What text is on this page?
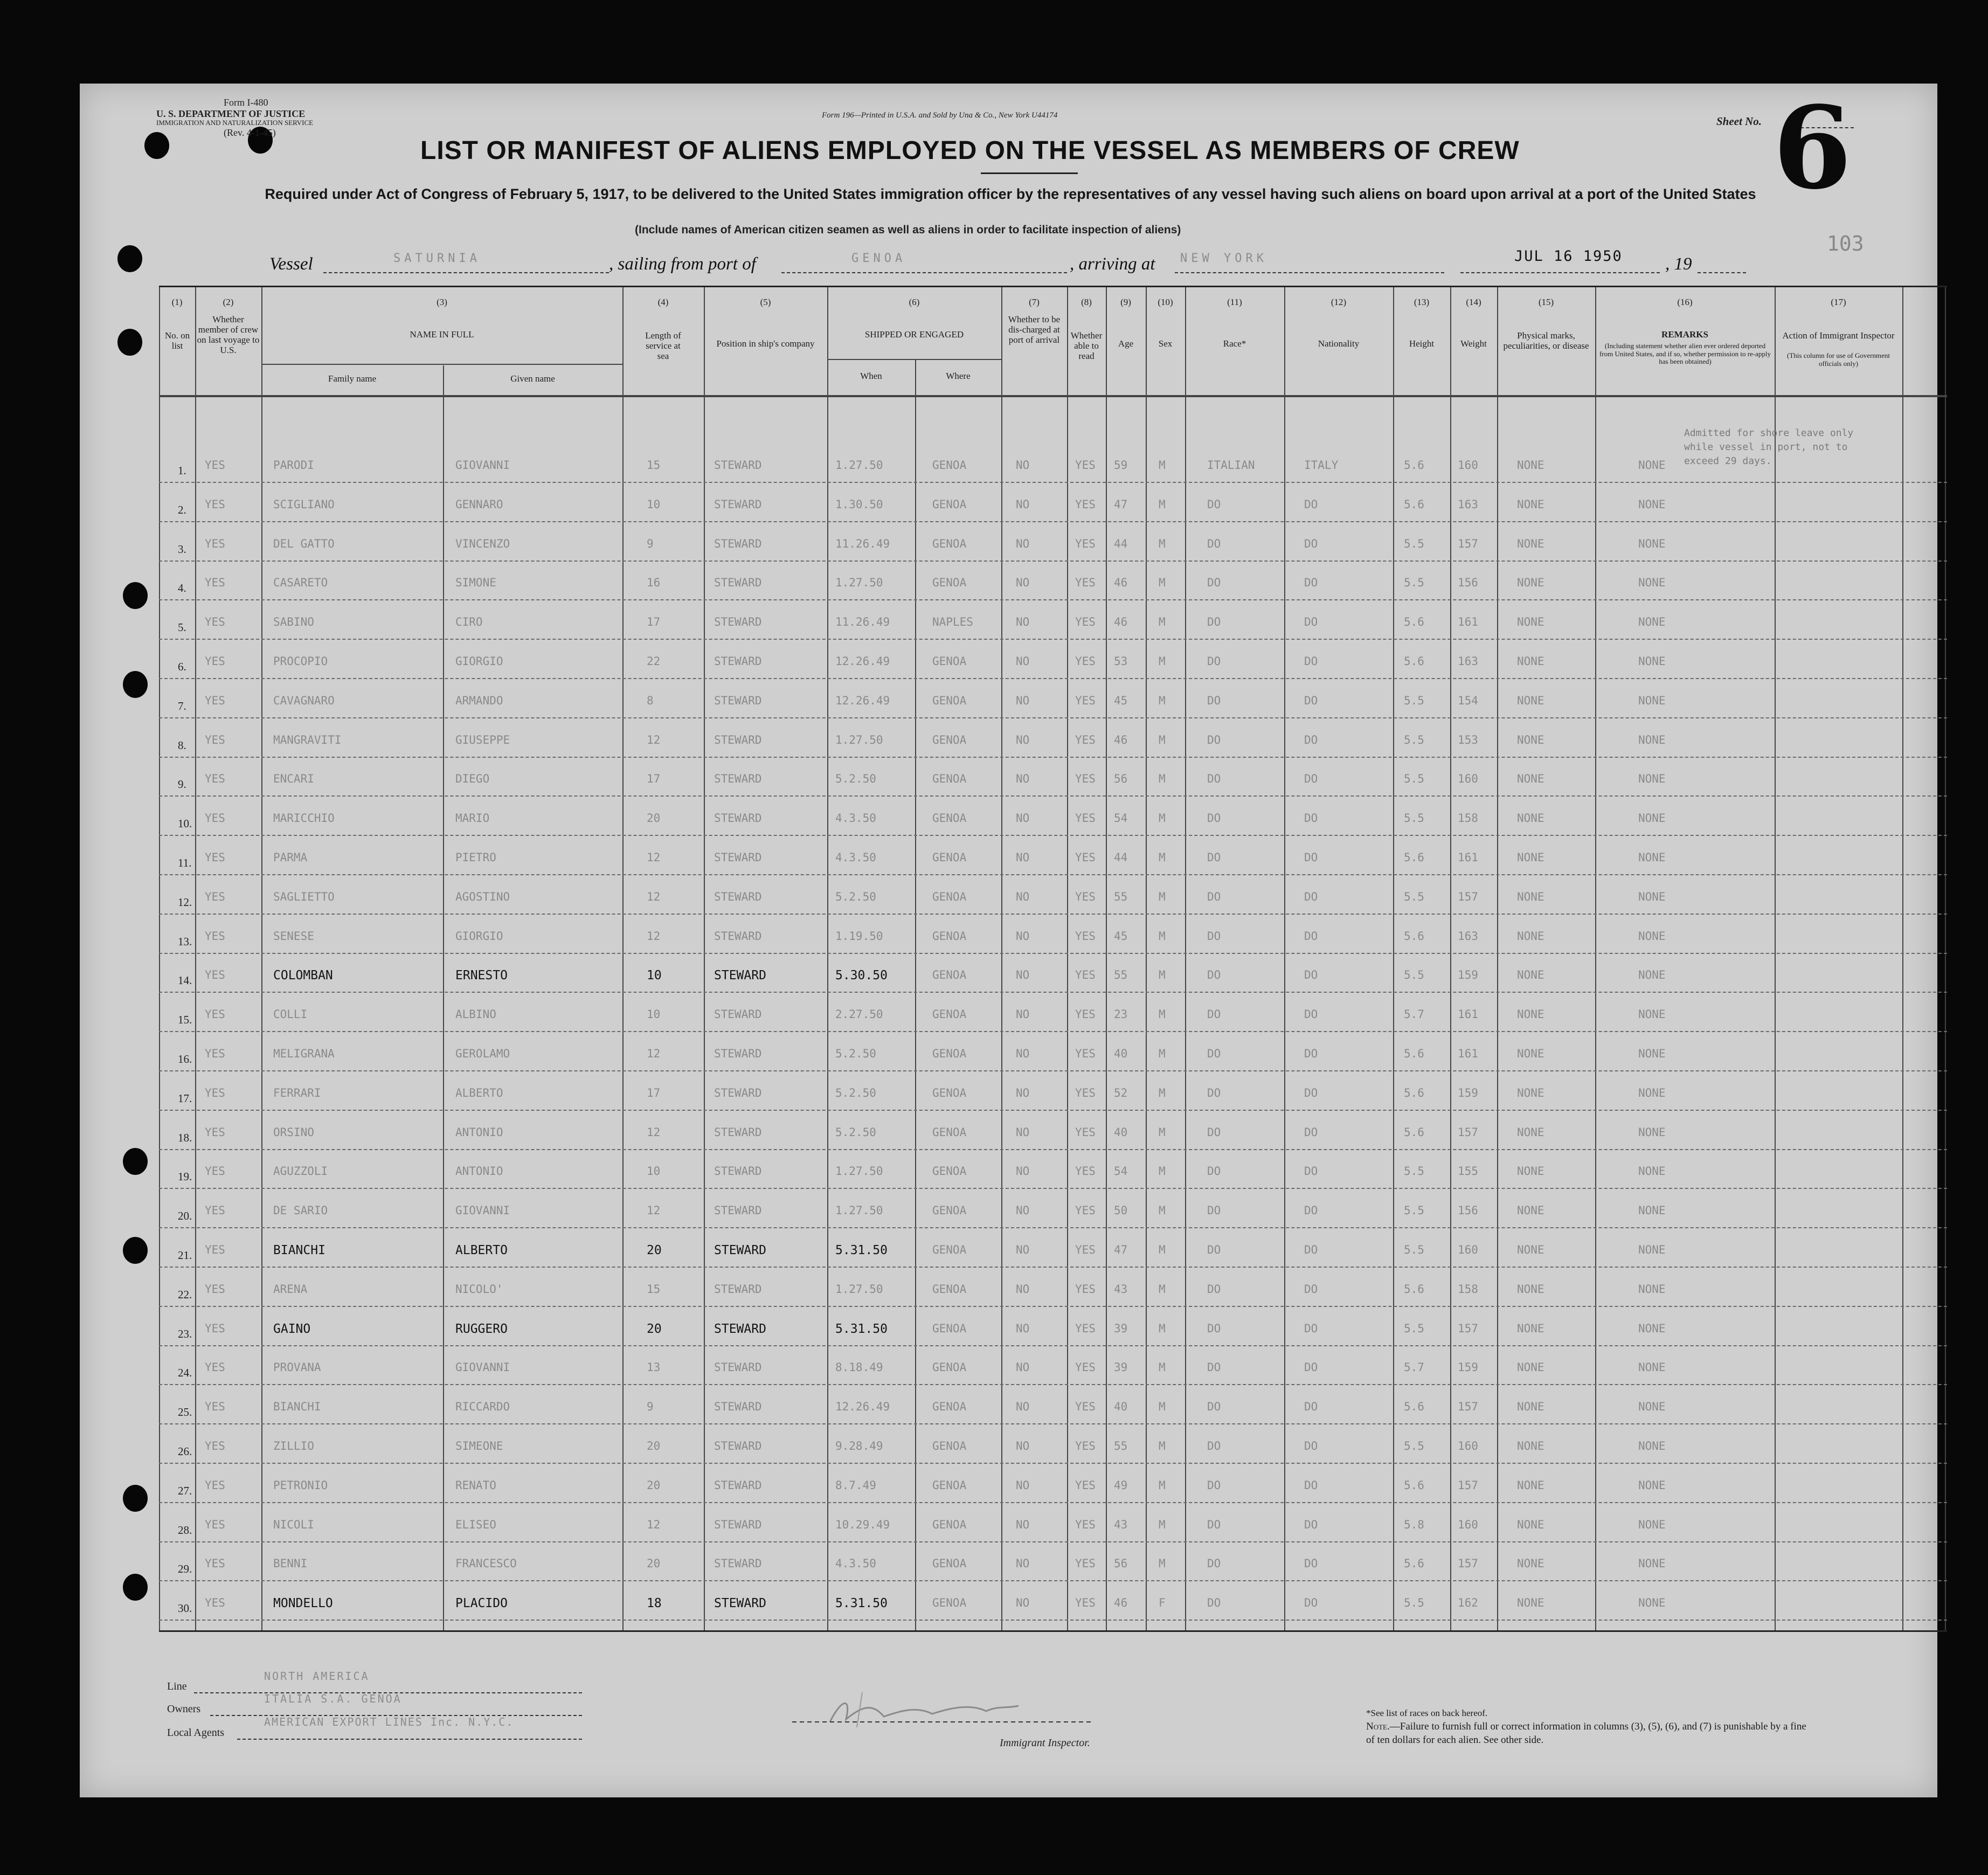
Form I-480
U. S. DEPARTMENT OF JUSTICE
IMMIGRATION AND NATURALIZATION SERVICE
(Rev. 4-1-45)
Form 196—Printed in U.S.A. and Sold by Una & Co., New York U44174	Sheet No. 6
103
LIST OR MANIFEST OF ALIENS EMPLOYED ON THE VESSEL AS MEMBERS OF CREW
Required under Act of Congress of February 5, 1917, to be delivered to the United States immigration officer by the representatives of any vessel having such aliens on board upon arrival at a port of the United States
(Include names of American citizen seamen as well as aliens in order to facilitate inspection of aliens)
Vessel	SATURNIA	, sailing from port of	GENOA	, arriving at NEW YORK	JUL 16 1950 , 19
(1)
No. on list
(2)
Whether member of crew on last voyage to U.S.
(3)
NAME IN FULL
Family name	Given name
(4)
Length of service at sea
(5)
Position in ship's company
(6)
SHIPPED OR ENGAGED
When	Where
(7)
Whether to be dis-charged at port of arrival
(8)
Whether able to read
(9)
Age
(10)
Sex
(11)
Race*
(12)
Nationality
(13)
Height
(14)
Weight
(15)
Physical marks, peculiarities, or disease
(16)
REMARKS
(Including statement whether alien ever ordered deported from United States, and if so, whether permission to re-apply has been obtained)
(17)
Action of Immigrant Inspector
(This column for use of Government officials only)
1. YES	PARODI	GIOVANNI	15	STEWARD	1.27.50	GENOA	NO	YES 59	M	ITALIAN	ITALY	5.6	160	NONE	NONE
2. YES	SCIGLIANO	GENNARO	10	STEWARD	1.30.50	GENOA	NO	YES 47	M	DO	DO	5.6	163	NONE	NONE
3. YES	DEL GATTO	VINCENZO	9	STEWARD	11.26.49	GENOA	NO	YES 44	M	DO	DO	5.5	157	NONE	NONE
4. YES	CASARETO	SIMONE	16	STEWARD	1.27.50	GENOA	NO	YES 46	M	DO	DO	5.5	156	NONE	NONE
5. YES	SABINO	CIRO	17	STEWARD	11.26.49	NAPLES	NO	YES 46	M	DO	DO	5.6	161	NONE	NONE
6. YES	PROCOPIO	GIORGIO	22	STEWARD	12.26.49	GENOA	NO	YES 53	M	DO	DO	5.6	163	NONE	NONE
7. YES	CAVAGNARO	ARMANDO	8	STEWARD	12.26.49	GENOA	NO	YES 45	M	DO	DO	5.5	154	NONE	NONE
8. YES	MANGRAVITI	GIUSEPPE	12	STEWARD	1.27.50	GENOA	NO	YES 46	M	DO	DO	5.5	153	NONE	NONE
9. YES	ENCARI	DIEGO	17	STEWARD	5.2.50	GENOA	NO	YES 56	M	DO	DO	5.5	160	NONE	NONE
10. YES	MARICCHIO	MARIO	20	STEWARD	4.3.50	GENOA	NO	YES 54	M	DO	DO	5.5	158	NONE	NONE
11. YES	PARMA	PIETRO	12	STEWARD	4.3.50	GENOA	NO	YES 44	M	DO	DO	5.6	161	NONE	NONE
12. YES	SAGLIETTO	AGOSTINO	12	STEWARD	5.2.50	GENOA	NO	YES 55	M	DO	DO	5.5	157	NONE	NONE
13. YES	SENESE	GIORGIO	12	STEWARD	1.19.50	GENOA	NO	YES 45	M	DO	DO	5.6	163	NONE	NONE
14. YES	COLOMBAN	ERNESTO	10	STEWARD	5.30.50	GENOA	NO	YES 55	M	DO	DO	5.5	159	NONE	NONE
15. YES	COLLI	ALBINO	10	STEWARD	2.27.50	GENOA	NO	YES 23	M	DO	DO	5.7	161	NONE	NONE
16. YES	MELIGRANA	GEROLAMO	12	STEWARD	5.2.50	GENOA	NO	YES 40	M	DO	DO	5.6	161	NONE	NONE
17. YES	FERRARI	ALBERTO	17	STEWARD	5.2.50	GENOA	NO	YES 52	M	DO	DO	5.6	159	NONE	NONE
18. YES	ORSINO	ANTONIO	12	STEWARD	5.2.50	GENOA	NO	YES 40	M	DO	DO	5.6	157	NONE	NONE
19. YES	AGUZZOLI	ANTONIO	10	STEWARD	1.27.50	GENOA	NO	YES 54	M	DO	DO	5.5	155	NONE	NONE
20. YES	DE SARIO	GIOVANNI	12	STEWARD	1.27.50	GENOA	NO	YES 50	M	DO	DO	5.5	156	NONE	NONE
21. YES	BIANCHI	ALBERTO	20	STEWARD	5.31.50	GENOA	NO	YES 47	M	DO	DO	5.5	160	NONE	NONE
22. YES	ARENA	NICOLO'	15	STEWARD	1.27.50	GENOA	NO	YES 43	M	DO	DO	5.6	158	NONE	NONE
23. YES	GAINO	RUGGERO	20	STEWARD	5.31.50	GENOA	NO	YES 39	M	DO	DO	5.5	157	NONE	NONE
24. YES	PROVANA	GIOVANNI	13	STEWARD	8.18.49	GENOA	NO	YES 39	M	DO	DO	5.7	159	NONE	NONE
25. YES	BIANCHI	RICCARDO	9	STEWARD	12.26.49	GENOA	NO	YES 40	M	DO	DO	5.6	157	NONE	NONE
26. YES	ZILLIO	SIMEONE	20	STEWARD	9.28.49	GENOA	NO	YES 55	M	DO	DO	5.5	160	NONE	NONE
27. YES	PETRONIO	RENATO	20	STEWARD	8.7.49	GENOA	NO	YES 49	M	DO	DO	5.6	157	NONE	NONE
28. YES	NICOLI	ELISEO	12	STEWARD	10.29.49	GENOA	NO	YES 43	M	DO	DO	5.8	160	NONE	NONE
29. YES	BENNI	FRANCESCO	20	STEWARD	4.3.50	GENOA	NO	YES 56	M	DO	DO	5.6	157	NONE	NONE
30. YES	MONDELLO	PLACIDO	18	STEWARD	5.31.50	GENOA	NO	YES 46	F	DO	DO	5.5	162	NONE	NONE
Admitted for shore leave only while vessel in port, not to exceed 29 days.
Line
NORTH AMERICA
Owners
ITALIA S.A. GENOA
Local Agents
AMERICAN EXPORT LINES Inc. N.Y.C.
Immigrant Inspector.
*See list of races on back hereof.
Note.—Failure to furnish full or correct information in columns (3), (5), (6), and (7) is punishable by a fine of ten dollars for each alien. See other side.
